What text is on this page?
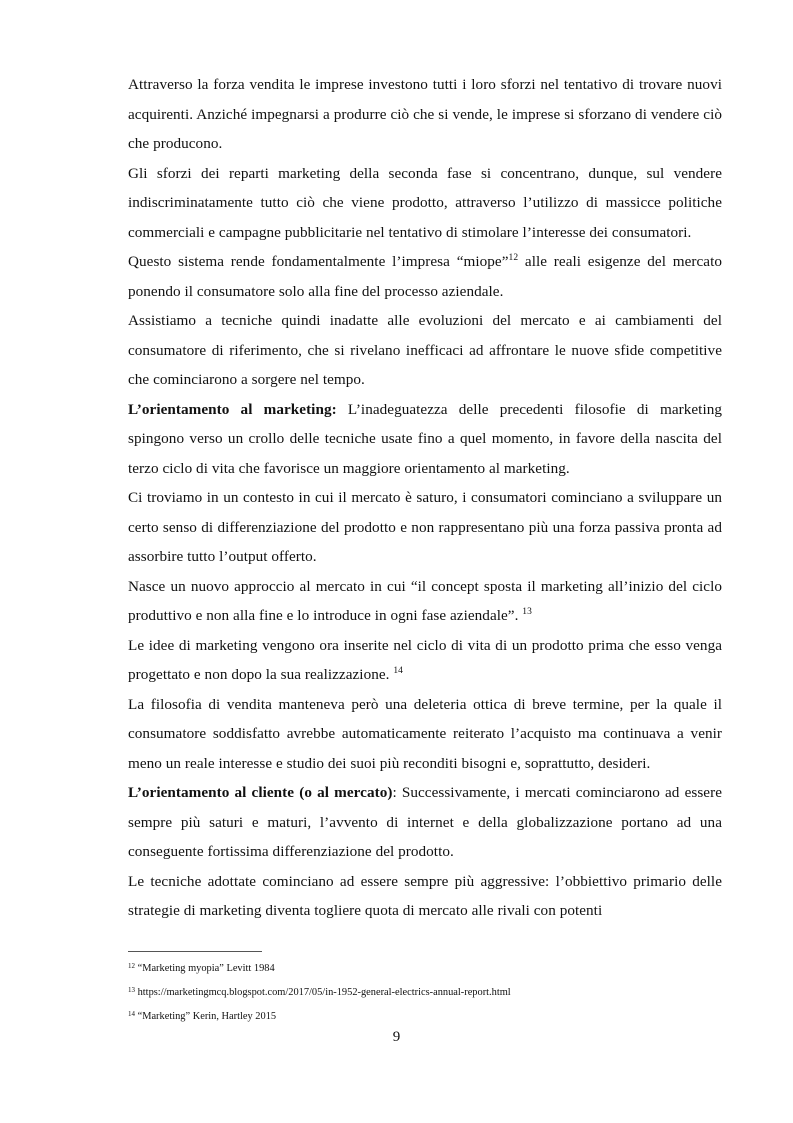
Attraverso la forza vendita le imprese investono tutti i loro sforzi nel tentativo di trovare nuovi acquirenti. Anziché impegnarsi a produrre ciò che si vende, le imprese si sforzano di vendere ciò che producono.

Gli sforzi dei reparti marketing della seconda fase si concentrano, dunque, sul vendere indiscriminatamente tutto ciò che viene prodotto, attraverso l’utilizzo di massicce politiche commerciali e campagne pubblicitarie nel tentativo di stimolare l’interesse dei consumatori.

Questo sistema rende fondamentalmente l’impresa “miope”$^{12}$ alle reali esigenze del mercato ponendo il consumatore solo alla fine del processo aziendale.

Assistiamo a tecniche quindi inadatte alle evoluzioni del mercato e ai cambiamenti del consumatore di riferimento, che si rivelano inefficaci ad affrontare le nuove sfide competitive che cominciarono a sorgere nel tempo.

L’orientamento al marketing: L’inadeguatezza delle precedenti filosofie di marketing spingono verso un crollo delle tecniche usate fino a quel momento, in favore della nascita del terzo ciclo di vita che favorisce un maggiore orientamento al marketing.

Ci troviamo in un contesto in cui il mercato è saturo, i consumatori cominciano a sviluppare un certo senso di differenziazione del prodotto e non rappresentano più una forza passiva pronta ad assorbire tutto l’output offerto.

Nasce un nuovo approccio al mercato in cui “il concept sposta il marketing all’inizio del ciclo produttivo e non alla fine e lo introduce in ogni fase aziendale”. $^{13}$

Le idee di marketing vengono ora inserite nel ciclo di vita di un prodotto prima che esso venga progettato e non dopo la sua realizzazione. $^{14}$

La filosofia di vendita manteneva però una deleteria ottica di breve termine, per la quale il consumatore soddisfatto avrebbe automaticamente reiterato l’acquisto ma continuava a venir meno un reale interesse e studio dei suoi più reconditi bisogni e, soprattutto, desideri.

L’orientamento al cliente (o al mercato): Successivamente, i mercati cominciarono ad essere sempre più saturi e maturi, l’avvento di internet e della globalizzazione portano ad una conseguente fortissima differenziazione del prodotto.

Le tecniche adottate cominciano ad essere sempre più aggressive: l’obbiettivo primario delle strategie di marketing diventa togliere quota di mercato alle rivali con potenti

$^{12}$ “Marketing myopia” Levitt 1984
$^{13}$ https://marketingmcq.blogspot.com/2017/05/in-1952-general-electrics-annual-report.html
$^{14}$ “Marketing” Kerin, Hartley 2015
9
